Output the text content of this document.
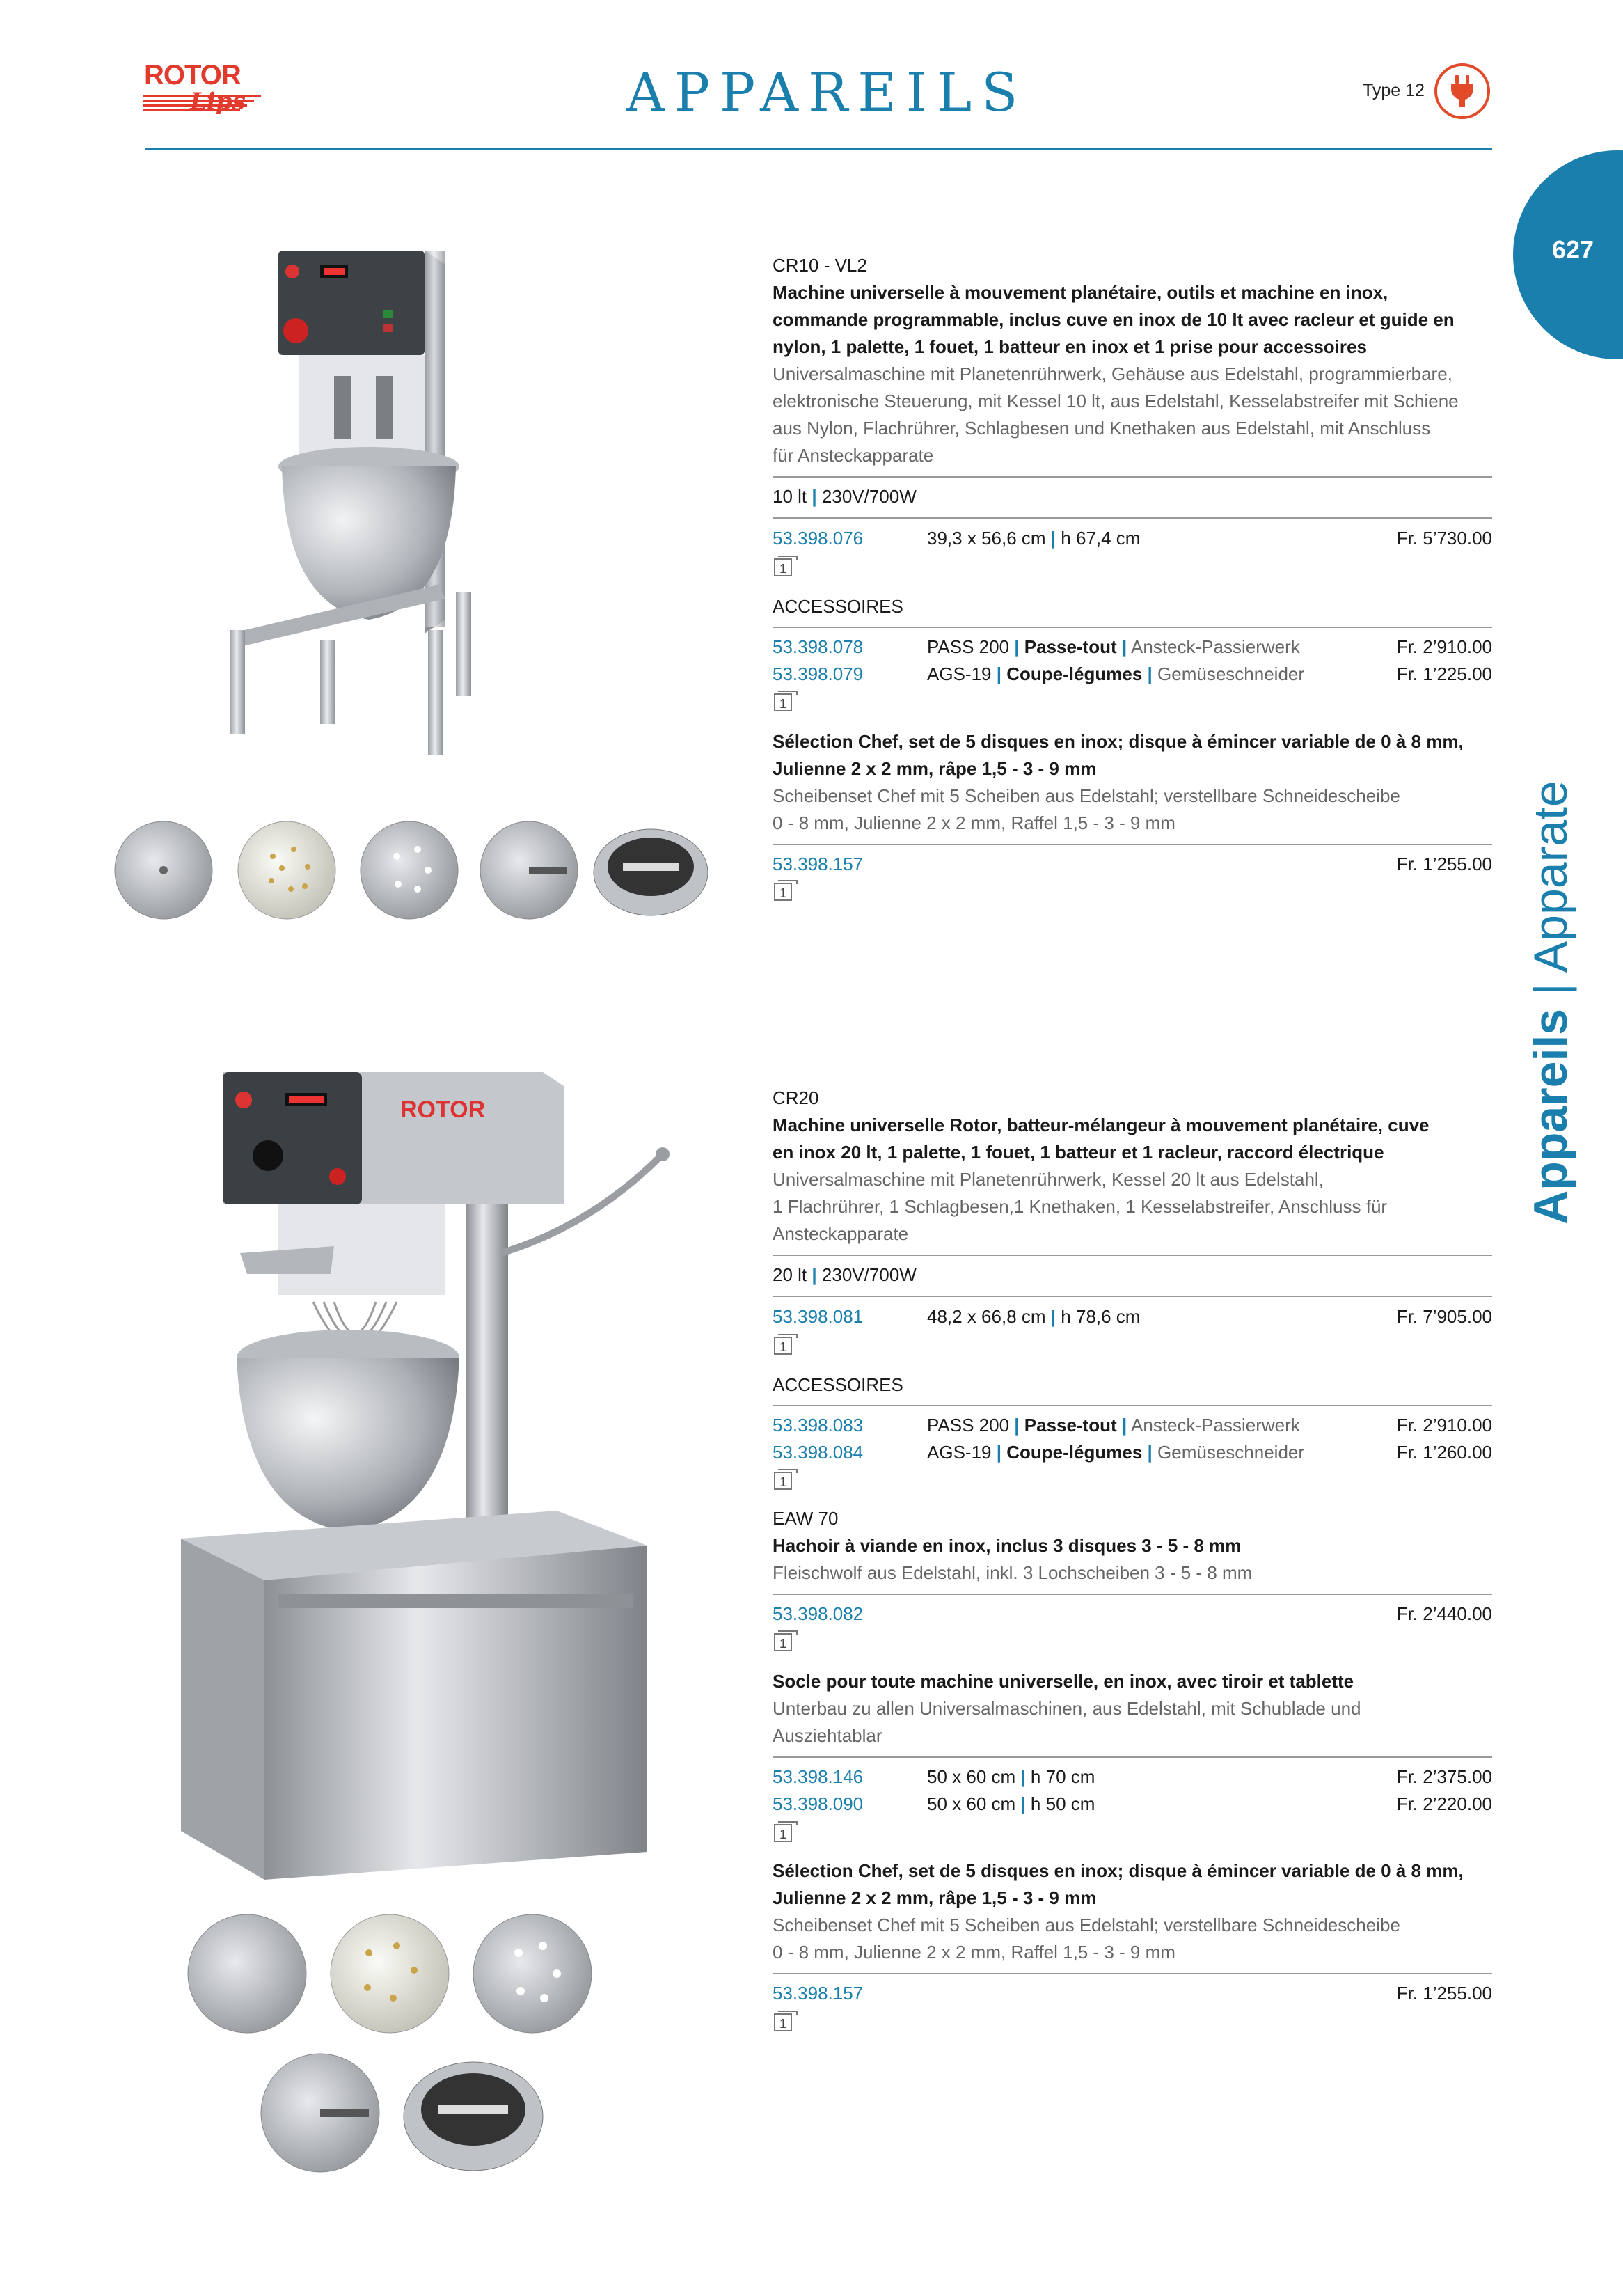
ROTOR
Lips	APPAREILS	Type 12
627
Appareils | Apparate
CR10 - VL2
Machine universelle à mouvement planétaire, outils et machine en inox,
commande programmable, inclus cuve en inox de 10 lt avec racleur et guide en
nylon, 1 palette, 1 fouet, 1 batteur en inox et 1 prise pour accessoires
Universalmaschine mit Planetenrührwerk, Gehäuse aus Edelstahl, programmierbare,
elektronische Steuerung, mit Kessel 10 lt, aus Edelstahl, Kesselabstreifer mit Schiene
aus Nylon, Flachrührer, Schlagbesen und Knethaken aus Edelstahl, mit Anschluss
für Ansteckapparate
10 lt | 230V/700W
53.398.076	39,3 x 56,6 cm | h 67,4 cm	Fr. 5’730.00
1
ACCESSOIRES
53.398.078	PASS 200 | Passe-tout | Ansteck-Passierwerk	Fr. 2’910.00
53.398.079	AGS-19 | Coupe-légumes | Gemüseschneider	Fr. 1’225.00
1
Sélection Chef, set de 5 disques en inox; disque à émincer variable de 0 à 8 mm,
Julienne 2 x 2 mm, râpe 1,5 - 3 - 9 mm
Scheibenset Chef mit 5 Scheiben aus Edelstahl; verstellbare Schneidescheibe
0 - 8 mm, Julienne 2 x 2 mm, Raffel 1,5 - 3 - 9 mm
53.398.157	Fr. 1’255.00
1
ROTOR	CR20
Machine universelle Rotor, batteur-mélangeur à mouvement planétaire, cuve
en inox 20 lt, 1 palette, 1 fouet, 1 batteur et 1 racleur, raccord électrique
Universalmaschine mit Planetenrührwerk, Kessel 20 lt aus Edelstahl,
1 Flachrührer, 1 Schlagbesen,1 Knethaken, 1 Kesselabstreifer, Anschluss für
Ansteckapparate
20 lt | 230V/700W
53.398.081	48,2 x 66,8 cm | h 78,6 cm	Fr. 7’905.00
1
ACCESSOIRES
53.398.083	PASS 200 | Passe-tout | Ansteck-Passierwerk	Fr. 2’910.00
53.398.084	AGS-19 | Coupe-légumes | Gemüseschneider	Fr. 1’260.00
1
EAW 70
Hachoir à viande en inox, inclus 3 disques 3 - 5 - 8 mm
Fleischwolf aus Edelstahl, inkl. 3 Lochscheiben 3 - 5 - 8 mm
53.398.082	Fr. 2’440.00
1
Socle pour toute machine universelle, en inox, avec tiroir et tablette
Unterbau zu allen Universalmaschinen, aus Edelstahl, mit Schublade und
Ausziehtablar
53.398.146	50 x 60 cm | h 70 cm	Fr. 2’375.00
53.398.090	50 x 60 cm | h 50 cm	Fr. 2’220.00
1
Sélection Chef, set de 5 disques en inox; disque à émincer variable de 0 à 8 mm,
Julienne 2 x 2 mm, râpe 1,5 - 3 - 9 mm
Scheibenset Chef mit 5 Scheiben aus Edelstahl; verstellbare Schneidescheibe
0 - 8 mm, Julienne 2 x 2 mm, Raffel 1,5 - 3 - 9 mm
53.398.157	Fr. 1’255.00
1
